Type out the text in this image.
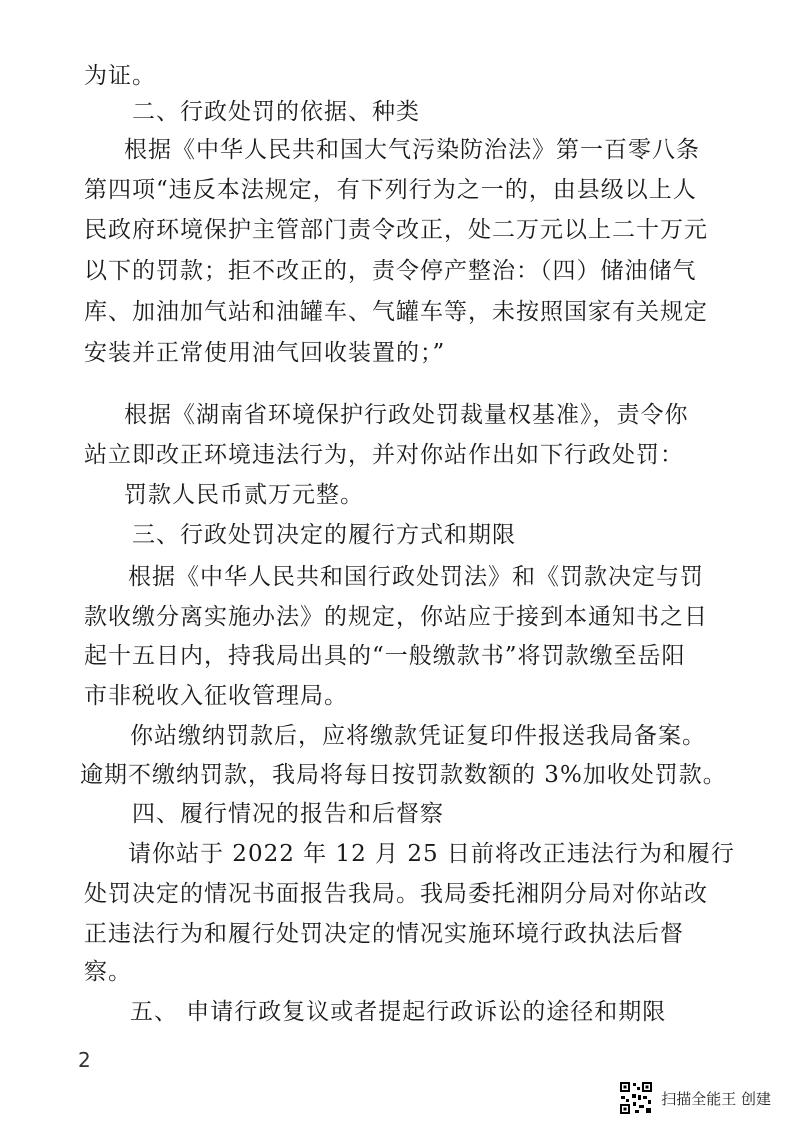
为证。
二、行政处罚的依据、种类
根据《中华人民共和国大气污染防治法》第一百零八条
第四项“违反本法规定，有下列行为之一的，由县级以上人
民政府环境保护主管部门责令改正，处二万元以上二十万元
以下的罚款；拒不改正的，责令停产整治：（四）储油储气
库、加油加气站和油罐车、气罐车等，未按照国家有关规定
安装并正常使用油气回收装置的；”
根据《湖南省环境保护行政处罚裁量权基准》，责令你
站立即改正环境违法行为，并对你站作出如下行政处罚：
罚款人民币贰万元整。
三、行政处罚决定的履行方式和期限
根据《中华人民共和国行政处罚法》和《罚款决定与罚
款收缴分离实施办法》的规定，你站应于接到本通知书之日
起十五日内，持我局出具的“一般缴款书”将罚款缴至岳阳
市非税收入征收管理局。
你站缴纳罚款后，应将缴款凭证复印件报送我局备案。
逾期不缴纳罚款，我局将每日按罚款数额的 3%加收处罚款。
四、履行情况的报告和后督察
请你站于 2022 年 12 月 25 日前将改正违法行为和履行
处罚决定的情况书面报告我局。我局委托湘阴分局对你站改
正违法行为和履行处罚决定的情况实施环境行政执法后督
察。
五、 申请行政复议或者提起行政诉讼的途径和期限
2
扫描全能王 创建
